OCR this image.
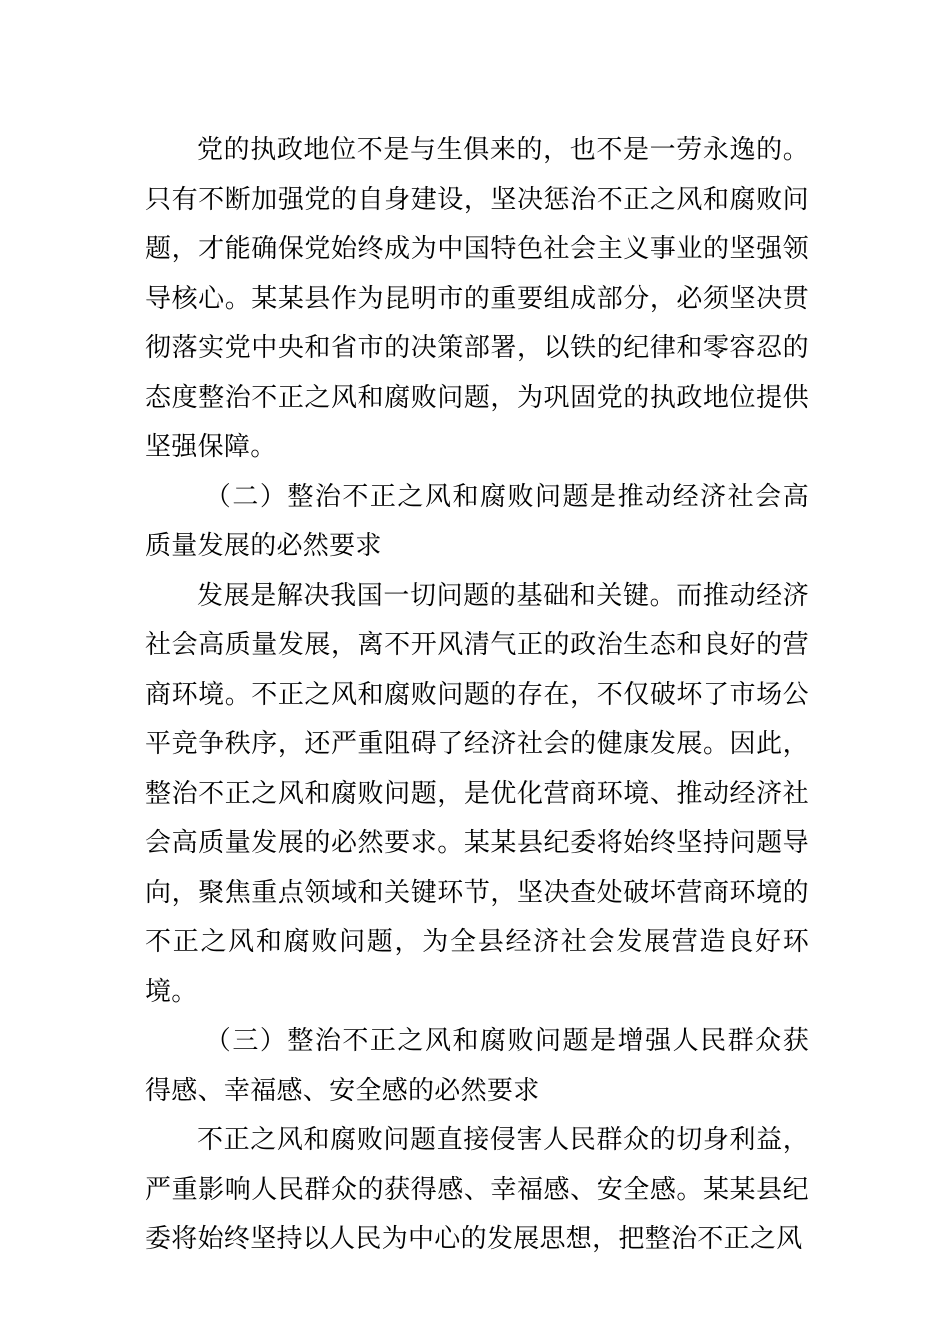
党的执政地位不是与生俱来的，也不是一劳永逸的。只有不断加强党的自身建设，坚决惩治不正之风和腐败问题，才能确保党始终成为中国特色社会主义事业的坚强领导核心。某某县作为昆明市的重要组成部分，必须坚决贯彻落实党中央和省市的决策部署，以铁的纪律和零容忍的态度整治不正之风和腐败问题，为巩固党的执政地位提供坚强保障。

（二）整治不正之风和腐败问题是推动经济社会高质量发展的必然要求

发展是解决我国一切问题的基础和关键。而推动经济社会高质量发展，离不开风清气正的政治生态和良好的营商环境。不正之风和腐败问题的存在，不仅破坏了市场公平竞争秩序，还严重阻碍了经济社会的健康发展。因此，整治不正之风和腐败问题，是优化营商环境、推动经济社会高质量发展的必然要求。某某县纪委将始终坚持问题导向，聚焦重点领域和关键环节，坚决查处破坏营商环境的不正之风和腐败问题，为全县经济社会发展营造良好环境。

（三）整治不正之风和腐败问题是增强人民群众获得感、幸福感、安全感的必然要求

不正之风和腐败问题直接侵害人民群众的切身利益，严重影响人民群众的获得感、幸福感、安全感。某某县纪委将始终坚持以人民为中心的发展思想，把整治不正之风
